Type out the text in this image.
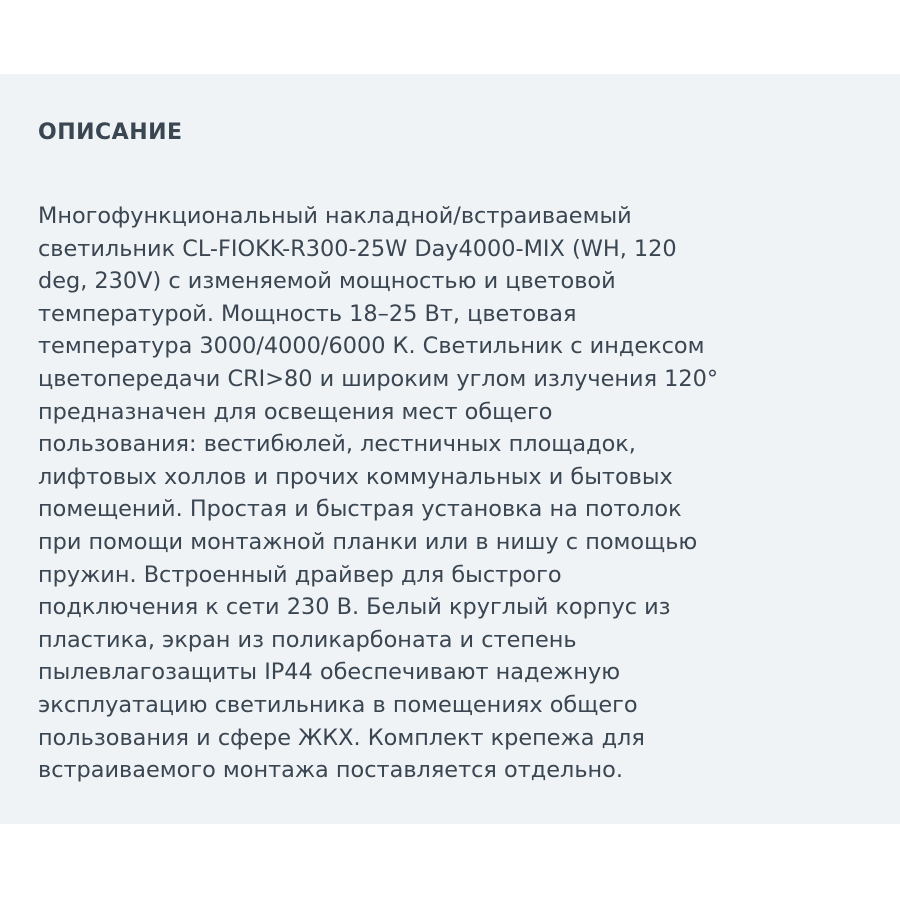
ОПИСАНИЕ

Многофункциональный накладной/встраиваемый
светильник CL-FIOKK-R300-25W Day4000-MIX (WH, 120
deg, 230V) с изменяемой мощностью и цветовой
температурой. Мощность 18–25 Вт, цветовая
температура 3000/4000/6000 К. Светильник с индексом
цветопередачи CRI>80 и широким углом излучения 120°
предназначен для освещения мест общего
пользования: вестибюлей, лестничных площадок,
лифтовых холлов и прочих коммунальных и бытовых
помещений. Простая и быстрая установка на потолок
при помощи монтажной планки или в нишу с помощью
пружин. Встроенный драйвер для быстрого
подключения к сети 230 В. Белый круглый корпус из
пластика, экран из поликарбоната и степень
пылевлагозащиты IP44 обеспечивают надежную
эксплуатацию светильника в помещениях общего
пользования и сфере ЖКХ. Комплект крепежа для
встраиваемого монтажа поставляется отдельно.
